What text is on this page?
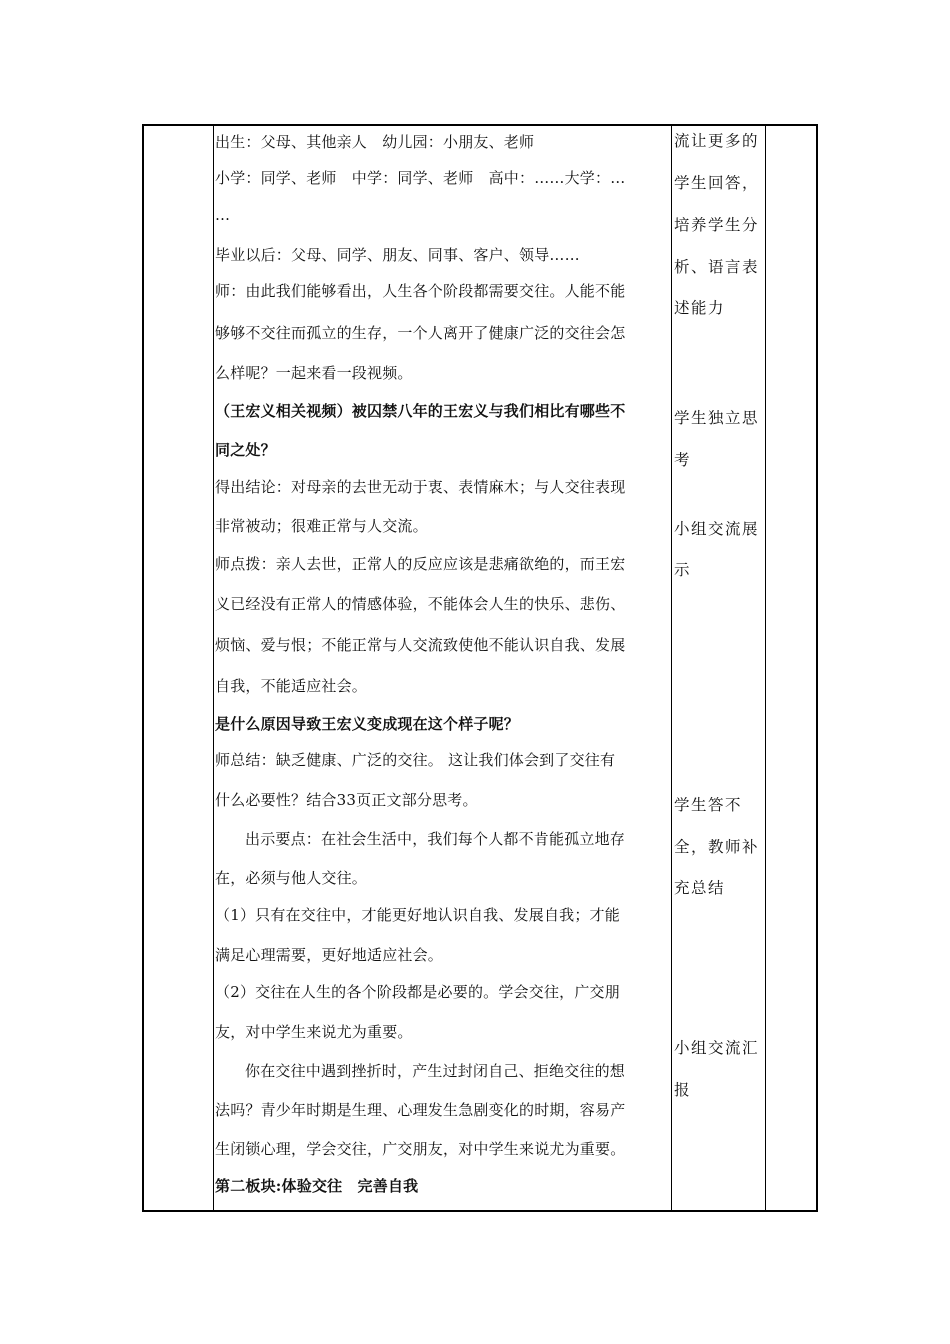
出生：父母、其他亲人　幼儿园：小朋友、老师
小学：同学、老师　中学：同学、老师　高中：……大学：…
…
毕业以后：父母、同学、朋友、同事、客户、领导……
师：由此我们能够看出，人生各个阶段都需要交往。人能不能
够够不交往而孤立的生存，一个人离开了健康广泛的交往会怎
么样呢？一起来看一段视频。
（王宏义相关视频）被囚禁八年的王宏义与我们相比有哪些不
同之处？
得出结论：对母亲的去世无动于衷、表情麻木；与人交往表现
非常被动；很难正常与人交流。
师点拨：亲人去世，正常人的反应应该是悲痛欲绝的，而王宏
义已经没有正常人的情感体验，不能体会人生的快乐、悲伤、
烦恼、爱与恨；不能正常与人交流致使他不能认识自我、发展
自我，不能适应社会。
是什么原因导致王宏义变成现在这个样子呢？
师总结：缺乏健康、广泛的交往。 这让我们体会到了交往有
什么必要性？结合33页正文部分思考。
出示要点：在社会生活中，我们每个人都不肯能孤立地存
在，必须与他人交往。
（1）只有在交往中，才能更好地认识自我、发展自我；才能
满足心理需要，更好地适应社会。
（2）交往在人生的各个阶段都是必要的。学会交往，广交朋
友，对中学生来说尤为重要。
你在交往中遇到挫折时，产生过封闭自己、拒绝交往的想
法吗？青少年时期是生理、心理发生急剧变化的时期，容易产
生闭锁心理，学会交往，广交朋友，对中学生来说尤为重要。
第二板块:体验交往　完善自我
流让更多的
学生回答，
培养学生分
析、语言表
述能力
学生独立思
考
小组交流展
示
学生答不
全，教师补
充总结
小组交流汇
报
